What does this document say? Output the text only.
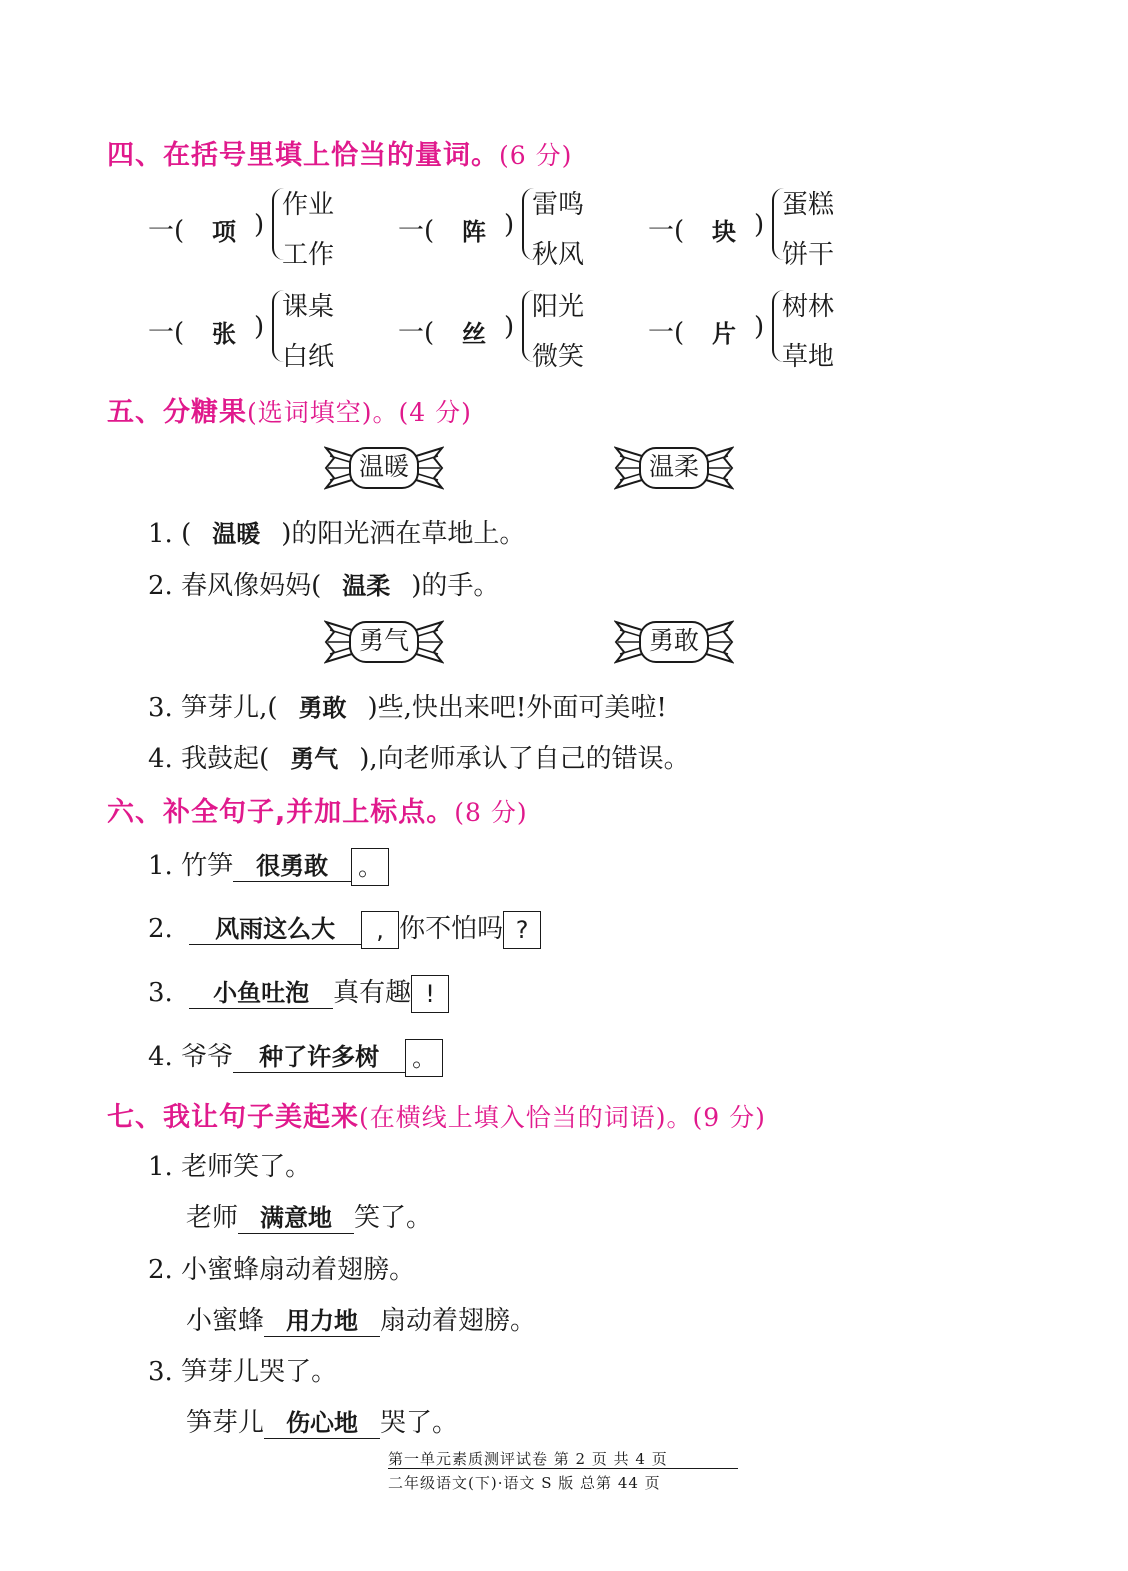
四、在括号里填上恰当的量词。(6 分)
一( 项 )
作业
工作
一( 阵 )
雷鸣
秋风
一( 块 )
蛋糕
饼干
一( 张 )
课桌
白纸
一( 丝 )
阳光
微笑
一( 片 )
树林
草地
五、分糖果(选词填空)。(4 分)
温暖	温柔
1. ( 温暖 )的阳光洒在草地上。
2. 春风像妈妈( 温柔 )的手。
勇气	勇敢
3. 笋芽儿,( 勇敢 )些,快出来吧!外面可美啦!
4. 我鼓起( 勇气 ),向老师承认了自己的错误。
六、补全句子,并加上标点。(8 分)
1. 竹笋 很勇敢 。
2. 风雨这么大 , 你不怕吗 ?
3. 小鱼吐泡 真有趣 !
4. 爷爷 种了许多树 。
七、我让句子美起来(在横线上填入恰当的词语)。(9 分)
1. 老师笑了。
老师 满意地 笑了。
2. 小蜜蜂扇动着翅膀。
小蜜蜂 用力地 扇动着翅膀。
3. 笋芽儿哭了。
笋芽儿 伤心地 哭了。
第一单元素质测评试卷 第 2 页 共 4 页
二年级语文(下)·语文 S 版 总第 44 页
